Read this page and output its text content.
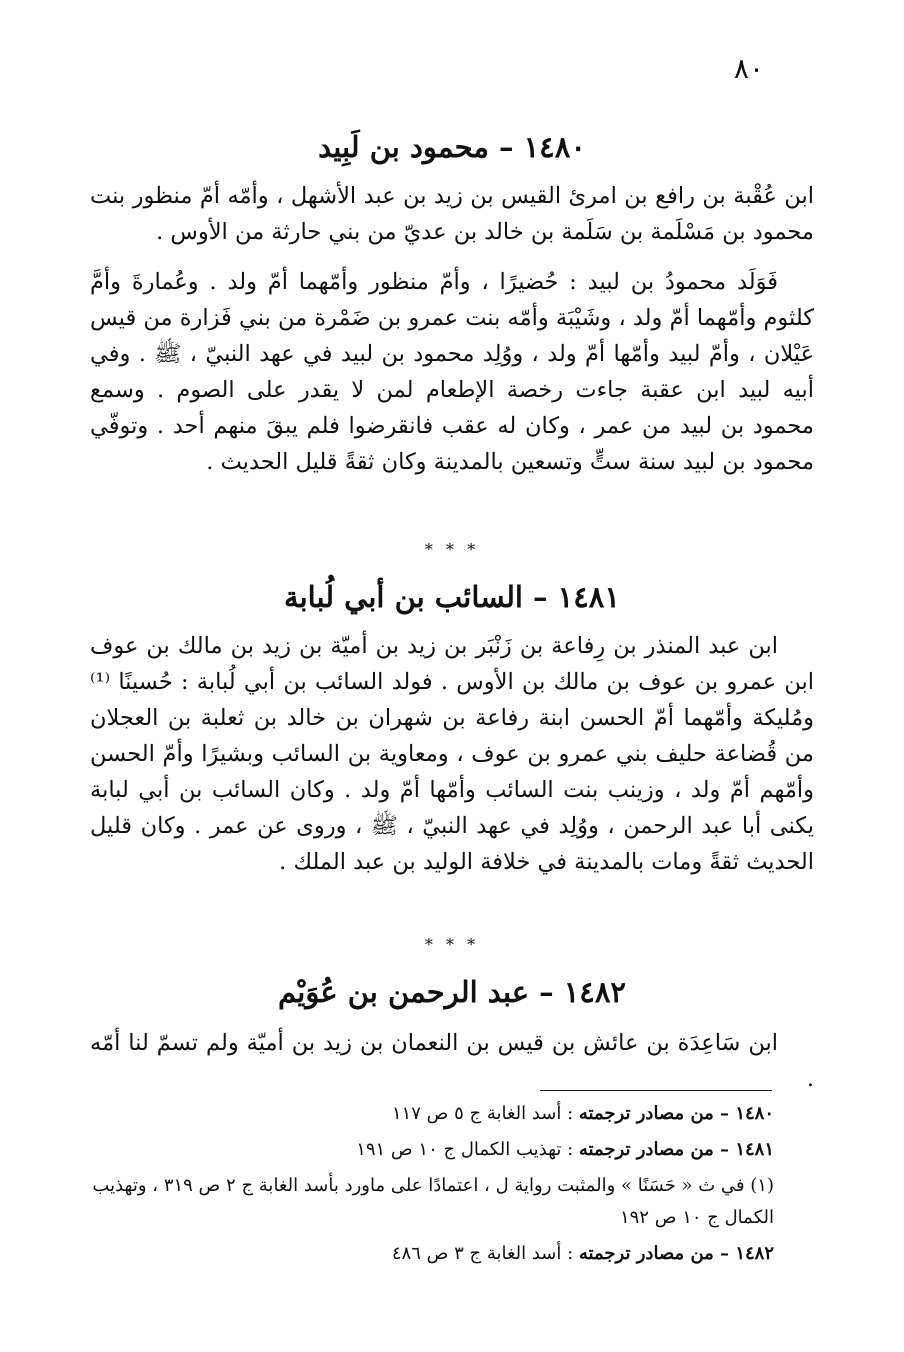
٨٠
١٤٨٠ – محمود بن لَبِيد
ابن عُقْبة بن رافع بن امرئ القيس بن زيد بن عبد الأشهل ، وأمّه أمّ منظور بنت محمود بن مَسْلَمة بن سَلَمة بن خالد بن عديّ من بني حارثة من الأوس .
فَوَلَد محمودُ بن لبيد : حُضيرًا ، وأمّ منظور وأمّهما أمّ ولد . وعُمارةَ وأمَّ كلثوم وأمّهما أمّ ولد ، وشَيْبَة وأمّه بنت عمرو بن ضَمْرة من بني فَزارة من قيس عَيْلان ، وأمّ لبيد وأمّها أمّ ولد ، ووُلِد محمود بن لبيد في عهد النبيّ ، ﷺ . وفي أبيه لبيد ابن عقبة جاءت رخصة الإطعام لمن لا يقدر على الصوم . وسمع محمود بن لبيد من عمر ، وكان له عقب فانقرضوا فلم يبقَ منهم أحد . وتوفّي محمود بن لبيد سنة ستٍّ وتسعين بالمدينة وكان ثقةً قليل الحديث .
* * *
١٤٨١ – السائب بن أبي لُبابة
ابن عبد المنذر بن رِفاعة بن زَنْبَر بن زيد بن أميّة بن زيد بن مالك بن عوف ابن عمرو بن عوف بن مالك بن الأوس . فولد السائب بن أبي لُبابة : حُسينًا ⁽¹⁾ ومُليكة وأمّهما أمّ الحسن ابنة رفاعة بن شهران بن خالد بن ثعلبة بن العجلان من قُضاعة حليف بني عمرو بن عوف ، ومعاوية بن السائب وبشيرًا وأمّ الحسن وأمّهم أمّ ولد ، وزينب بنت السائب وأمّها أمّ ولد . وكان السائب بن أبي لبابة يكنى أبا عبد الرحمن ، ووُلِد في عهد النبيّ ، ﷺ ، وروى عن عمر . وكان قليل الحديث ثقةً ومات بالمدينة في خلافة الوليد بن عبد الملك .
* * *
١٤٨٢ – عبد الرحمن بن عُوَيْم
ابن سَاعِدَة بن عائش بن قيس بن النعمان بن زيد بن أميّة ولم تسمّ لنا أمّه .
١٤٨٠ – من مصادر ترجمته : أسد الغابة ج ٥ ص ١١٧
١٤٨١ – من مصادر ترجمته : تهذيب الكمال ج ١٠ ص ١٩١
(١) في ث « حَسَنًا » والمثبت رواية ل ، اعتمادًا على ماورد بأسد الغابة ج ٢ ص ٣١٩ ، وتهذيب الكمال ج ١٠ ص ١٩٢
١٤٨٢ – من مصادر ترجمته : أسد الغابة ج ٣ ص ٤٨٦
